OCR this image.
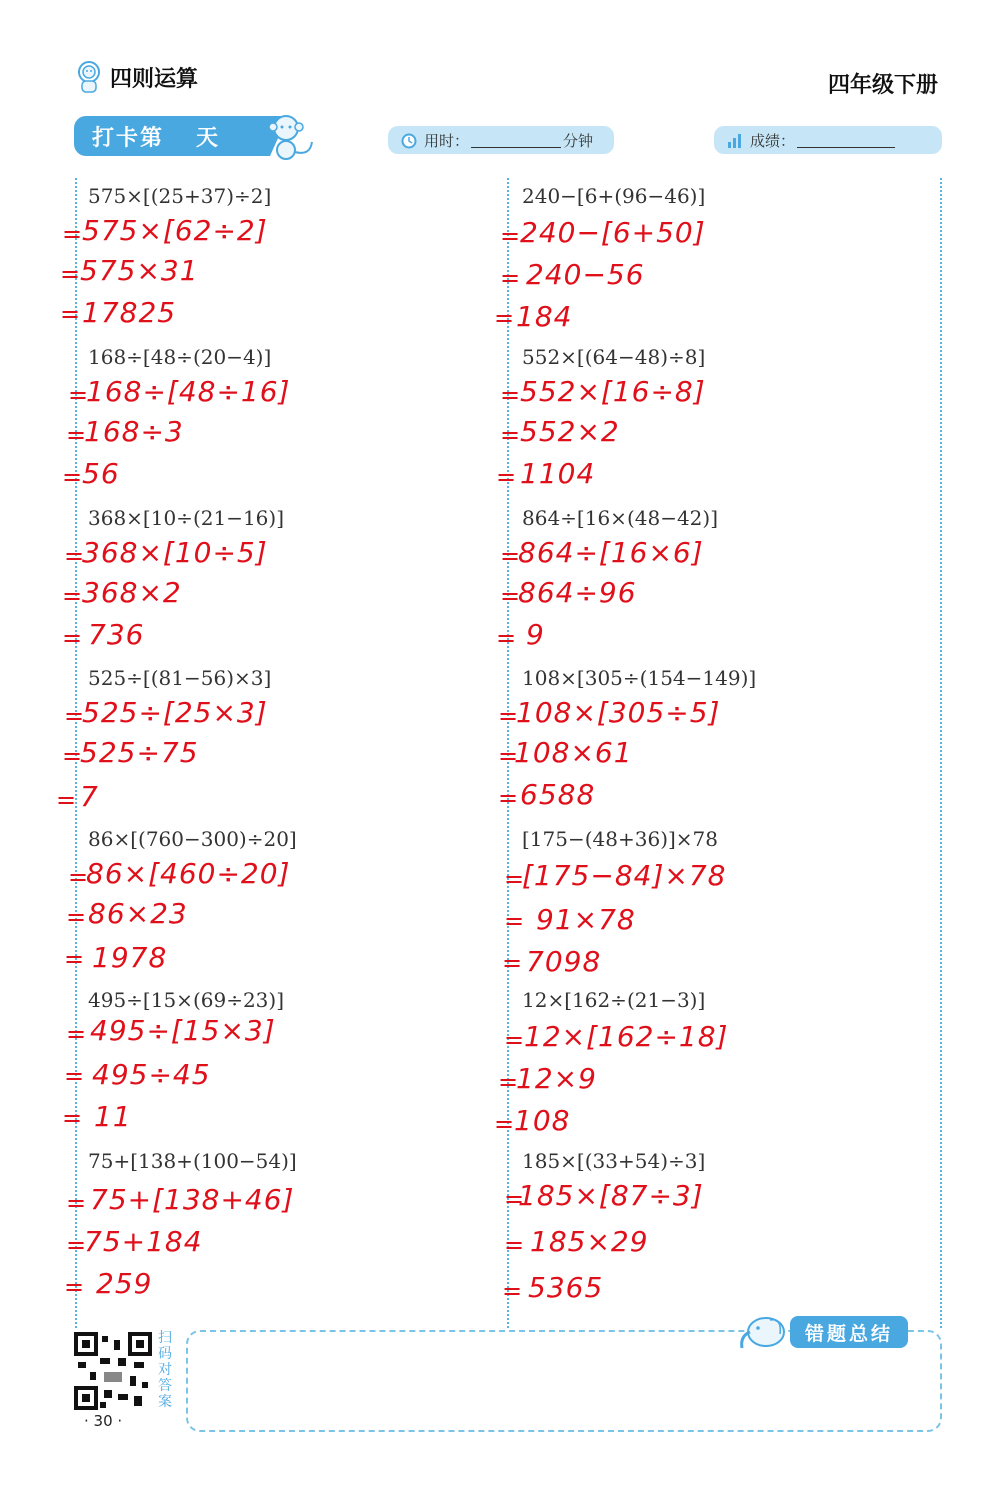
四则运算	四年级下册
打卡第 天	用时：	分钟	成绩：
575×[(25+37)÷2]
= 575×[62÷2]
= 575×31
= 17825
168÷[48÷(20−4)]
=
168÷[48÷16]
=
168÷3
= 56
368×[10÷(21−16)]
=
368×[10÷5]
= 368×2
= 736
525÷[(81−56)×3]
=
525÷[25×3]
=
525÷75
= 7
86×[(760−300)÷20]
=
86×[460÷20]
= 86×23
= 1978
495÷[15×(69÷23)]
= 495÷[15×3]
= 495÷45
= 11
75+[138+(100−54)]
= 75+[138+46]
=
75+184
= 259
240−[6+(96−46)]
= 240−[6+50]
= 240−56
= 184
552×[(64−48)÷8]
= 552×[16÷8]
= 552×2
= 1104
864÷[16×(48−42)]
=
864÷[16×6]
=
864÷96
= 9
108×[305÷(154−149)]
=
108×[305÷5]
=
108×61
= 6588
[175−(48+36)]×78
=
[175−84]×78
= 91×78
= 7098
12×[162÷(21−3)]
= 12×[162÷18]
=
12×9
= 108
185×[(33+54)÷3]
=
185×[87÷3]
= 185×29
= 5365
扫码对答案
· 30 ·
错题总结
